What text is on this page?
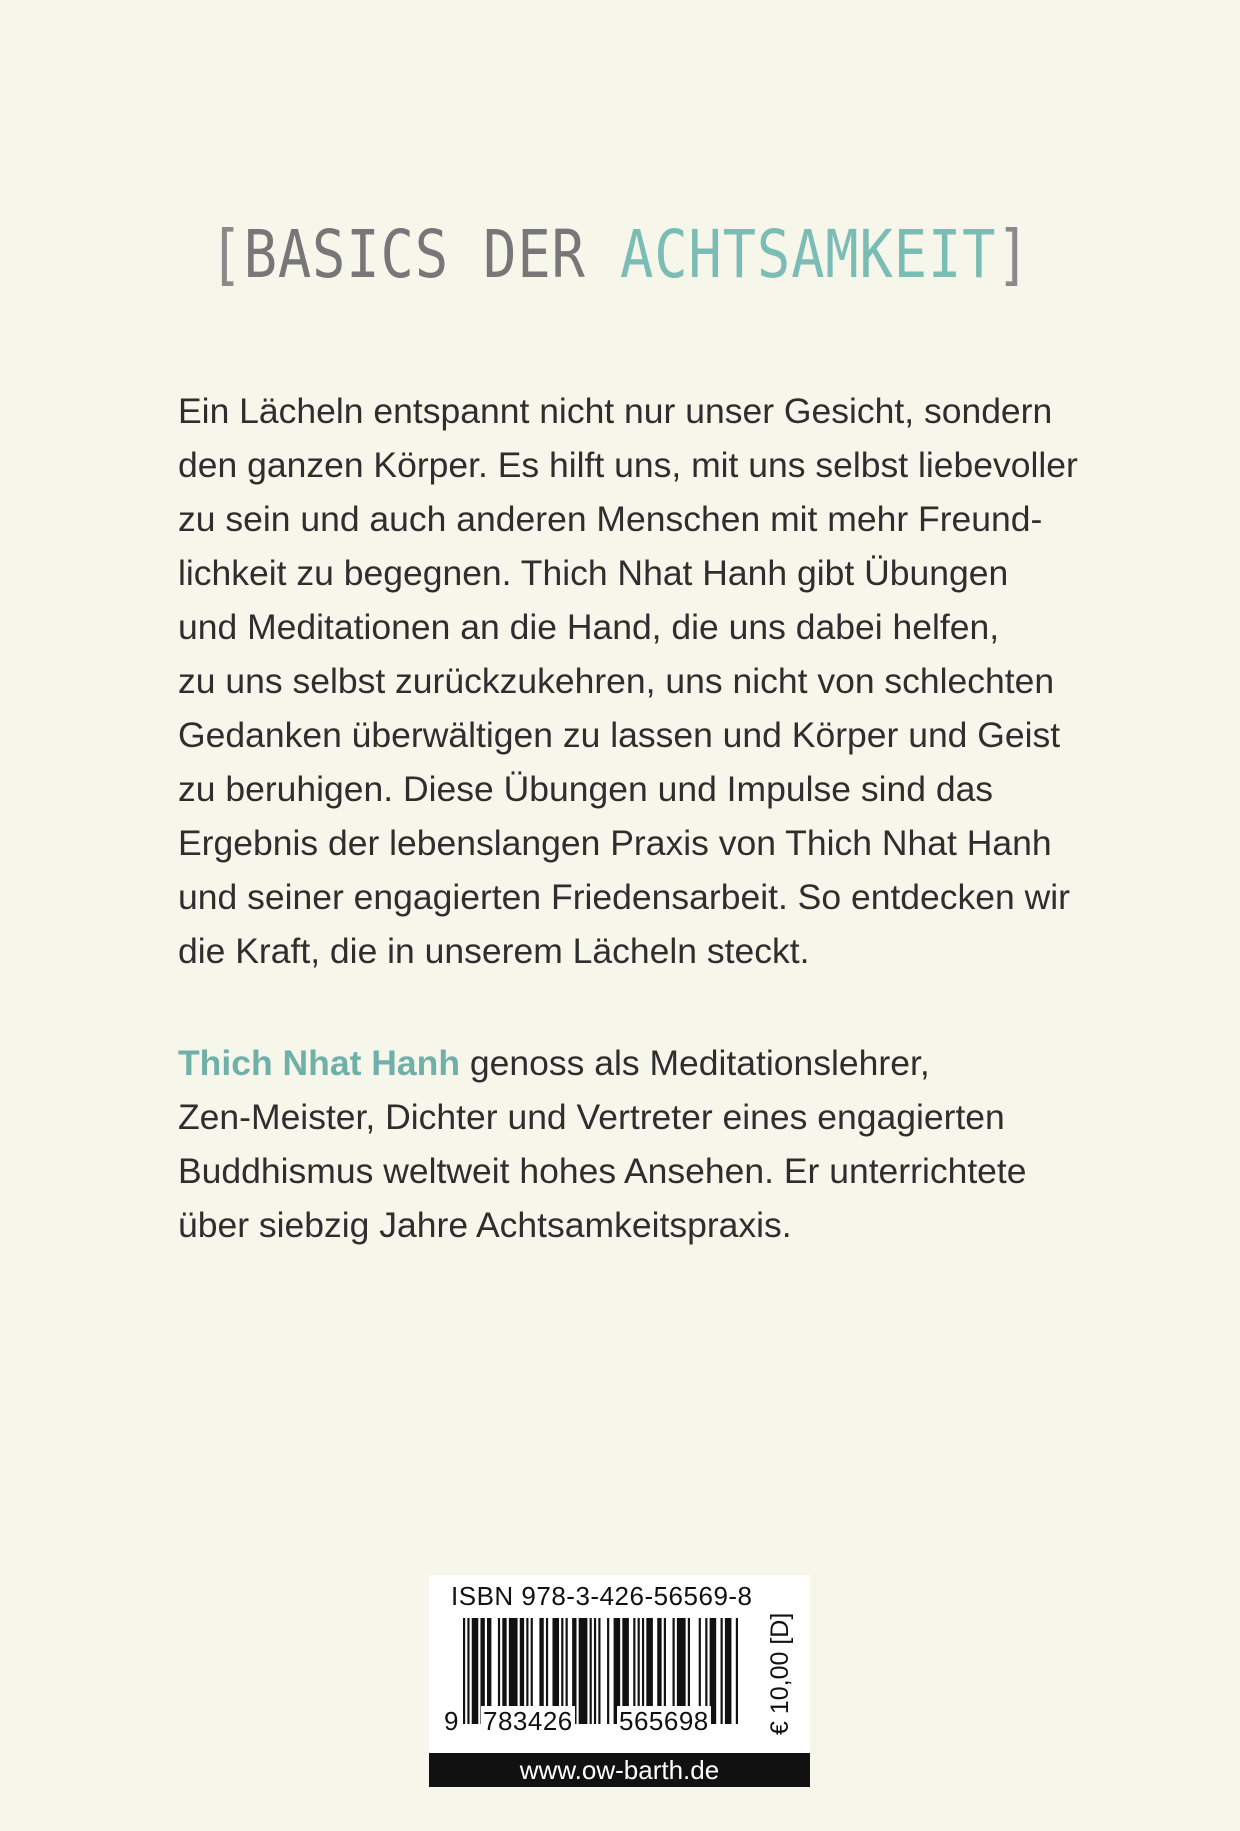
[BASICS DER ACHTSAMKEIT]
Ein Lächeln entspannt nicht nur unser Gesicht, sondern
den ganzen Körper. Es hilft uns, mit uns selbst liebevoller
zu sein und auch anderen Menschen mit mehr Freund-
lichkeit zu begegnen. Thich Nhat Hanh gibt Übungen
und Meditationen an die Hand, die uns dabei helfen,
zu uns selbst zurückzukehren, uns nicht von schlechten
Gedanken überwältigen zu lassen und Körper und Geist
zu beruhigen. Diese Übungen und Impulse sind das
Ergebnis der lebenslangen Praxis von Thich Nhat Hanh
und seiner engagierten Friedensarbeit. So entdecken wir
die Kraft, die in unserem Lächeln steckt.
Thich Nhat Hanh genoss als Meditationslehrer,
Zen-Meister, Dichter und Vertreter eines engagierten
Buddhismus weltweit hohes Ansehen. Er unterrichtete
über siebzig Jahre Achtsamkeitspraxis.
ISBN 978-3-426-56569-8
9 783426 565698 € 10,00 [D]
www.ow-barth.de
